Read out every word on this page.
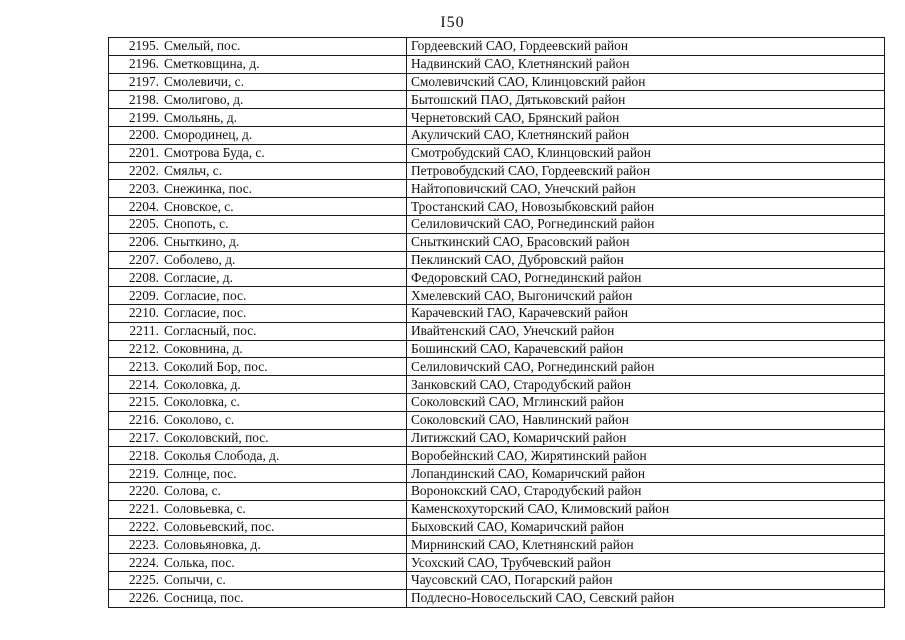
I50
2195.	Смелый, пос.	Гордеевский САО, Гордеевский район
2196.	Сметковщина, д.	Надвинский САО, Клетнянский район
2197.	Смолевичи, с.	Смолевичский САО, Клинцовский район
2198.	Смолигово, д.	Бытошский ПАО, Дятьковский район
2199.	Смольянь, д.	Чернетовский САО, Брянский район
2200.	Смородинец, д.	Акуличский САО, Клетнянский район
2201.	Смотрова Буда, с.	Смотробудский САО, Клинцовский район
2202.	Смяльч, с.	Петровобудский САО, Гордеевский район
2203.	Снежинка, пос.	Найтоповичский САО, Унечский район
2204.	Сновское, с.	Тростанский САО, Новозыбковский район
2205.	Снопоть, с.	Селиловичский САО, Рогнединский район
2206.	Сныткино, д.	Сныткинский САО, Брасовский район
2207.	Соболево, д.	Пеклинский САО, Дубровский район
2208.	Согласие, д.	Федоровский САО, Рогнединский район
2209.	Согласие, пос.	Хмелевский САО, Выгоничский район
2210.	Согласие, пос.	Карачевский ГАО, Карачевский район
2211.	Согласный, пос.	Ивайтенский САО, Унечский район
2212.	Соковнина, д.	Бошинский САО, Карачевский район
2213.	Соколий Бор, пос.	Селиловичский САО, Рогнединский район
2214.	Соколовка, д.	Занковский САО, Стародубский район
2215.	Соколовка, с.	Соколовский САО, Мглинский район
2216.	Соколово, с.	Соколовский САО, Навлинский район
2217.	Соколовский, пос.	Литижский САО, Комаричский район
2218.	Соколья Слобода, д.	Воробейнский САО, Жирятинский район
2219.	Солнце, пос.	Лопандинский САО, Комаричский район
2220.	Солова, с.	Воронокский САО, Стародубский район
2221.	Соловьевка, с.	Каменскохуторский САО, Климовский район
2222.	Соловьевский, пос.	Быховский САО, Комаричский район
2223.	Соловьяновка, д.	Мирнинский САО, Клетнянский район
2224.	Солька, пос.	Усохский САО, Трубчевский район
2225.	Сопычи, с.	Чаусовский САО, Погарский район
2226.	Сосница, пос.	Подлесно-Новосельский САО, Севский район
